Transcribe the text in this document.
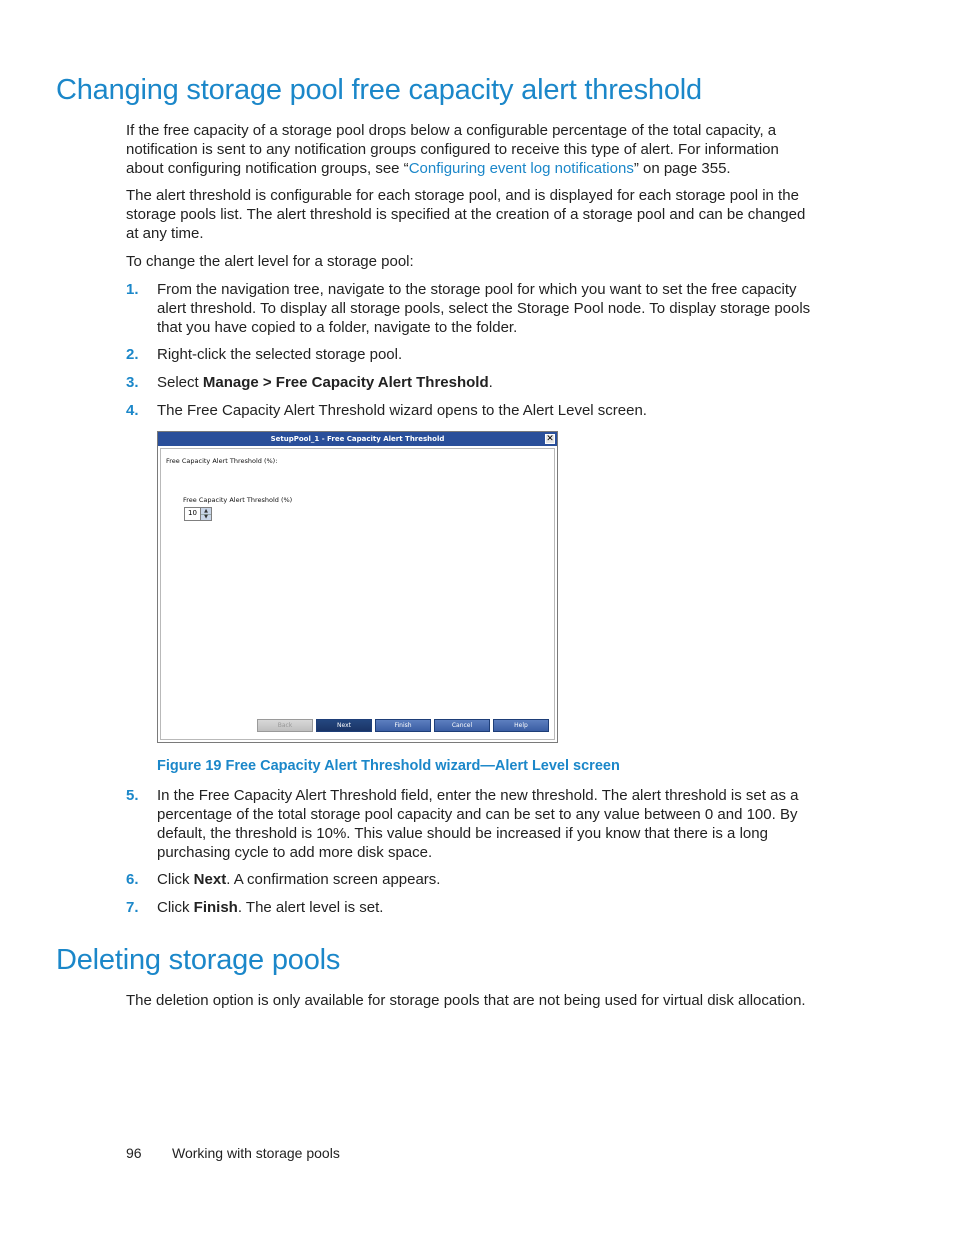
Changing storage pool free capacity alert threshold

If the free capacity of a storage pool drops below a configurable percentage of the total capacity, a notification is sent to any notification groups configured to receive this type of alert. For information about configuring notification groups, see “Configuring event log notifications” on page 355.

The alert threshold is configurable for each storage pool, and is displayed for each storage pool in the storage pools list. The alert threshold is specified at the creation of a storage pool and can be changed at any time.

To change the alert level for a storage pool:

1. From the navigation tree, navigate to the storage pool for which you want to set the free capacity alert threshold. To display all storage pools, select the Storage Pool node. To display storage pools that you have copied to a folder, navigate to the folder.
2. Right-click the selected storage pool.
3. Select Manage > Free Capacity Alert Threshold.
4. The Free Capacity Alert Threshold wizard opens to the Alert Level screen.
SetupPool_1 - Free Capacity Alert Threshold	✕
Free Capacity Alert Threshold (%):
Free Capacity Alert Threshold (%)
10	▲
▼
Back	Next	Finish	Cancel	Help

Figure 19 Free Capacity Alert Threshold wizard—Alert Level screen

5. In the Free Capacity Alert Threshold field, enter the new threshold. The alert threshold is set as a percentage of the total storage pool capacity and can be set to any value between 0 and 100. By default, the threshold is 10%. This value should be increased if you know that there is a long purchasing cycle to add more disk space.
6. Click Next. A confirmation screen appears.
7. Click Finish. The alert level is set.
Deleting storage pools

The deletion option is only available for storage pools that are not being used for virtual disk allocation.

96 Working with storage pools
